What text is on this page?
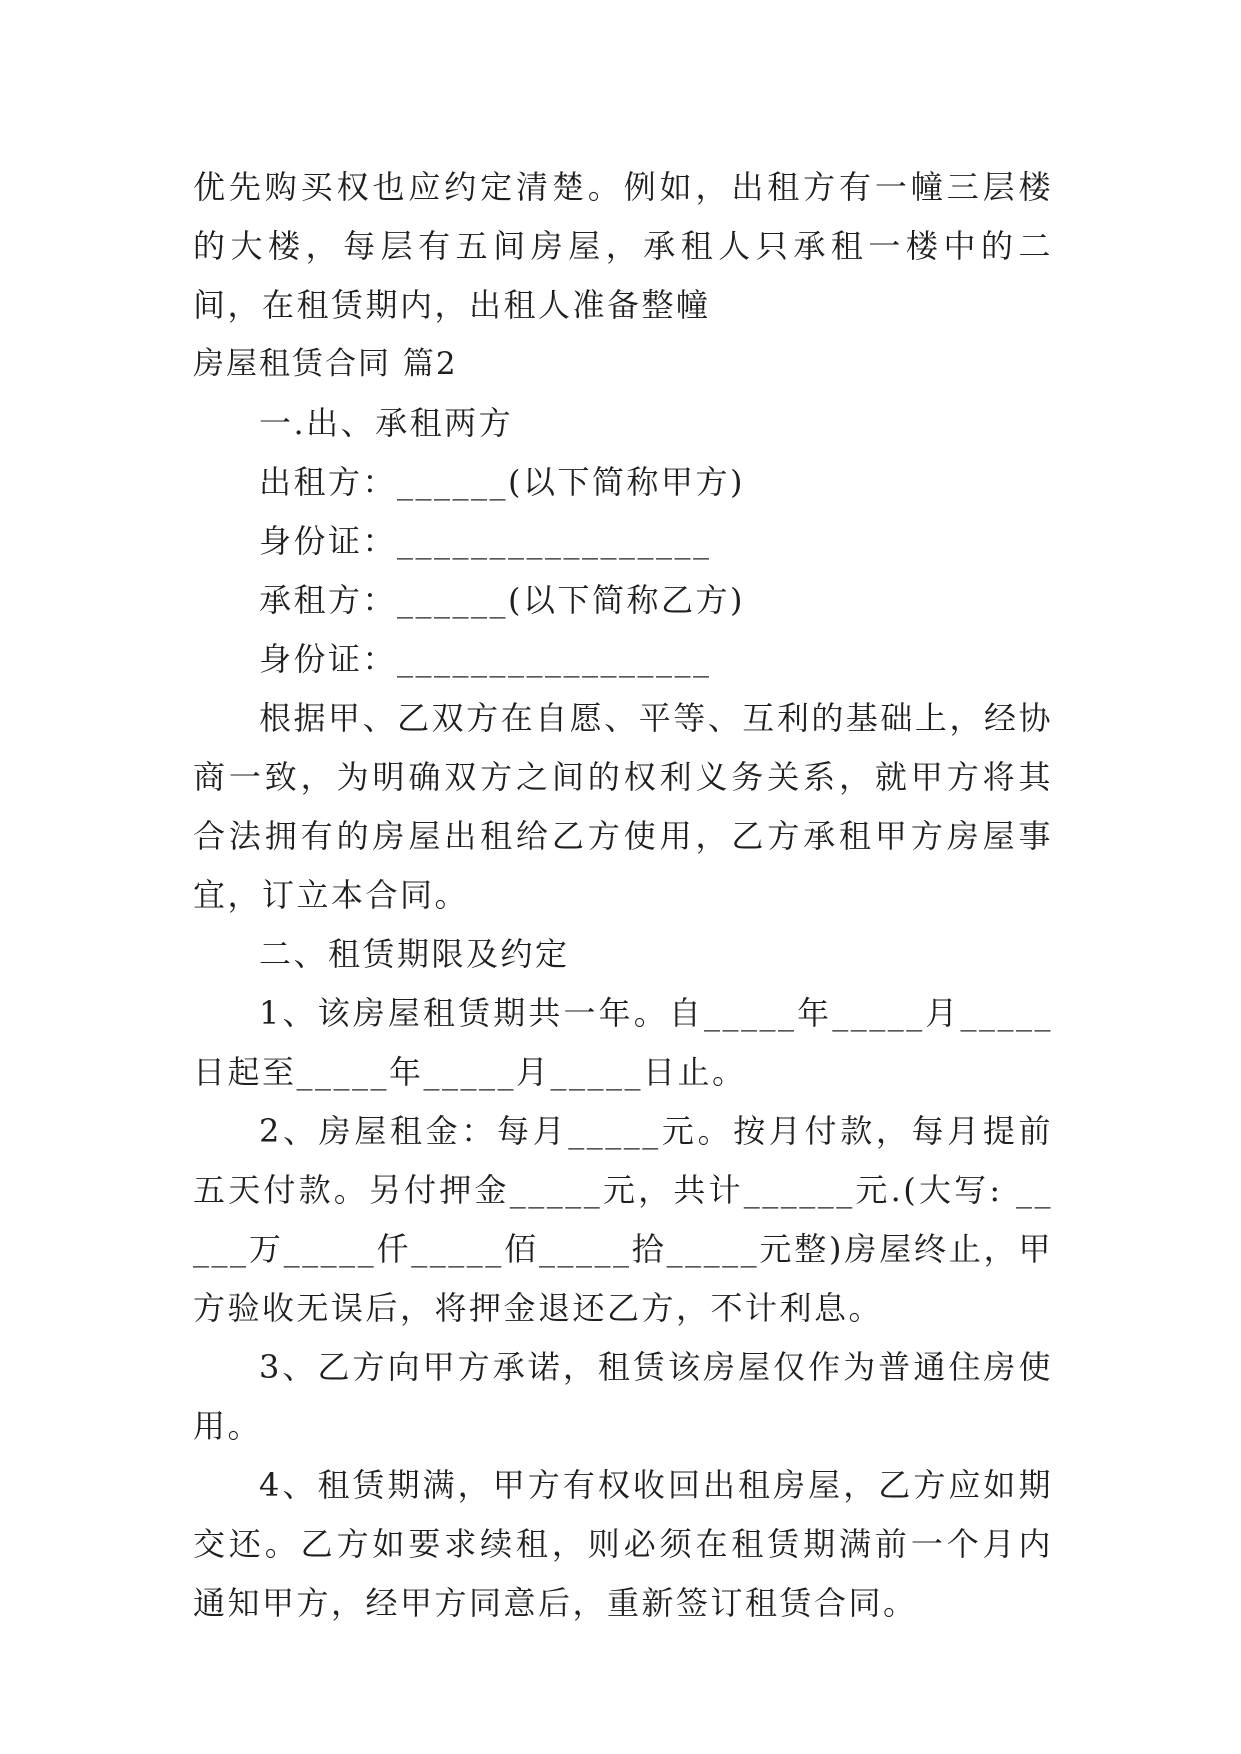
优先购买权也应约定清楚。例如，出租方有一幢三层楼的大楼，每层有五间房屋，承租人只承租一楼中的二间，在租赁期内，出租人准备整幢

房屋租赁合同 篇2

一.出、承租两方

出租方：______(以下简称甲方)

身份证：_________________

承租方：______(以下简称乙方)

身份证：_________________

根据甲、乙双方在自愿、平等、互利的基础上，经协商一致，为明确双方之间的权利义务关系，就甲方将其合法拥有的房屋出租给乙方使用，乙方承租甲方房屋事宜，订立本合同。

二、租赁期限及约定

1、该房屋租赁期共一年。自_____年_____月_____日起至_____年_____月_____日止。

2、房屋租金：每月_____元。按月付款，每月提前五天付款。另付押金_____元，共计______元.(大写: _____万_____仟_____佰_____拾_____元整)房屋终止，甲方验收无误后，将押金退还乙方，不计利息。

3、乙方向甲方承诺，租赁该房屋仅作为普通住房使用。

4、租赁期满，甲方有权收回出租房屋，乙方应如期交还。乙方如要求续租，则必须在租赁期满前一个月内通知甲方，经甲方同意后，重新签订租赁合同。
